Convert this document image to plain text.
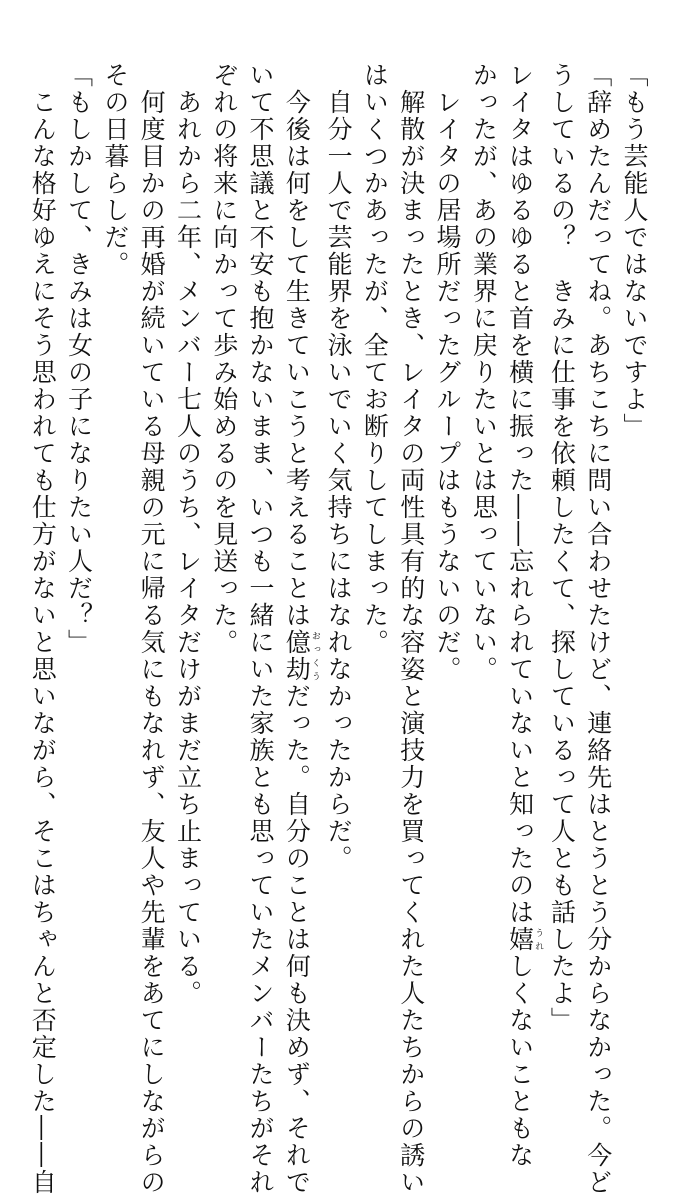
「もう芸能人ではないですよ」
「辞めたんだってね。あちこちに問い合わせたけど、連絡先はとうとう分からなかった。今ど
うしているの？　きみに仕事を依頼したくて、探しているって人とも話したよ」
レイタはゆるゆると首を横に振った――忘れられていないと知ったのは嬉うれしくないこともな
かったが、あの業界に戻りたいとは思っていない。
　レイタの居場所だったグループはもうないのだ。
　解散が決まったとき、レイタの両性具有的な容姿と演技力を買ってくれた人たちからの誘い
はいくつかあったが、全てお断りしてしまった。
　自分一人で芸能界を泳いでいく気持ちにはなれなかったからだ。
　今後は何をして生きていこうと考えることは億劫おっくうだった。自分のことは何も決めず、それで
いて不思議と不安も抱かないまま、いつも一緒にいた家族とも思っていたメンバーたちがそれ
ぞれの将来に向かって歩み始めるのを見送った。
　あれから二年、メンバー七人のうち、レイタだけがまだ立ち止まっている。
　何度目かの再婚が続いている母親の元に帰る気にもなれず、友人や先輩をあてにしながらの
その日暮らしだ。
「もしかして、きみは女の子になりたい人だ？」
　こんな格好ゆえにそう思われても仕方がないと思いながら、そこはちゃんと否定した――自
